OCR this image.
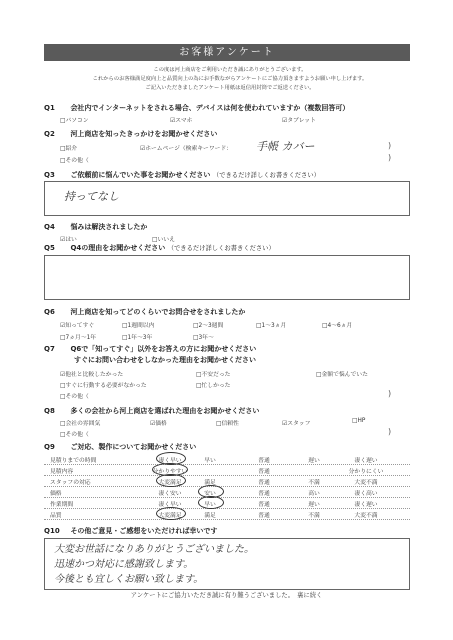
お客様アンケート
この度は河上商店をご利用いただき誠にありがとうございます。
これからのお客様満足度向上と品質向上の為にお手数ながらアンケートにご協力頂きますようお願い申し上げます。
ご記入いただきましたアンケート用紙は返信用封筒でご返送ください。
Q1 会社内でインターネットをされる場合、デバイスは何を使われていますか（複数回答可）
□パソコン	☑スマホ	☑タブレット
Q2 河上商店を知ったきっかけをお聞かせください
□紹介	☑ホームページ（検索キーワード： 手帳 カバー	)
□その他（	)
Q3 ご依頼前に悩んでいた事をお聞かせください （できるだけ詳しくお書きください）
持ってなし
Q4 悩みは解決されましたか
☑はい	□いいえ
Q5 Q4の理由をお聞かせください （できるだけ詳しくお書きください）
Q6 河上商店を知ってどのくらいでお問合せをされましたか
☑知ってすぐ	□1週間以内	□2〜3週間	□1〜3ヵ月	□4〜6ヵ月
□7ヵ月〜1年	□1年〜3年	□3年〜
Q7 Q6で「知ってすぐ」以外をお答えの方にお聞かせください
すぐにお問い合わせをしなかった理由をお聞かせください
☑他社と比較したかった	□不安だった	□金額で悩んでいた
□すぐに行動する必要がなかった	□忙しかった
□その他（	)
Q8 多くの会社から河上商店を選ばれた理由をお聞かせください
□会社の雰囲気	☑価格	□信頼性	☑スタッフ	□HP
□その他（	)
Q9 ご対応、製作についてお聞かせください
見積りまでの時間	凄く早い	早い	普通	遅い	凄く遅い
見積内容	分かりやすい	普通	分かりにくい
スタッフの対応	大変満足	満足	普通	不満	大変不満
価格	凄く安い	安い	普通	高い	凄く高い
作業期間	凄く早い	早い	普通	遅い	凄く遅い
品質	大変満足	満足	普通	不満	大変不満
Q10 その他ご意見・ご感想をいただければ幸いです
大変お世話になりありがとうございました。
迅速かつ対応に感謝致します。
今後とも宜しくお願い致します。
アンケートにご協力いただき誠に有り難うございました。　裏に続く
